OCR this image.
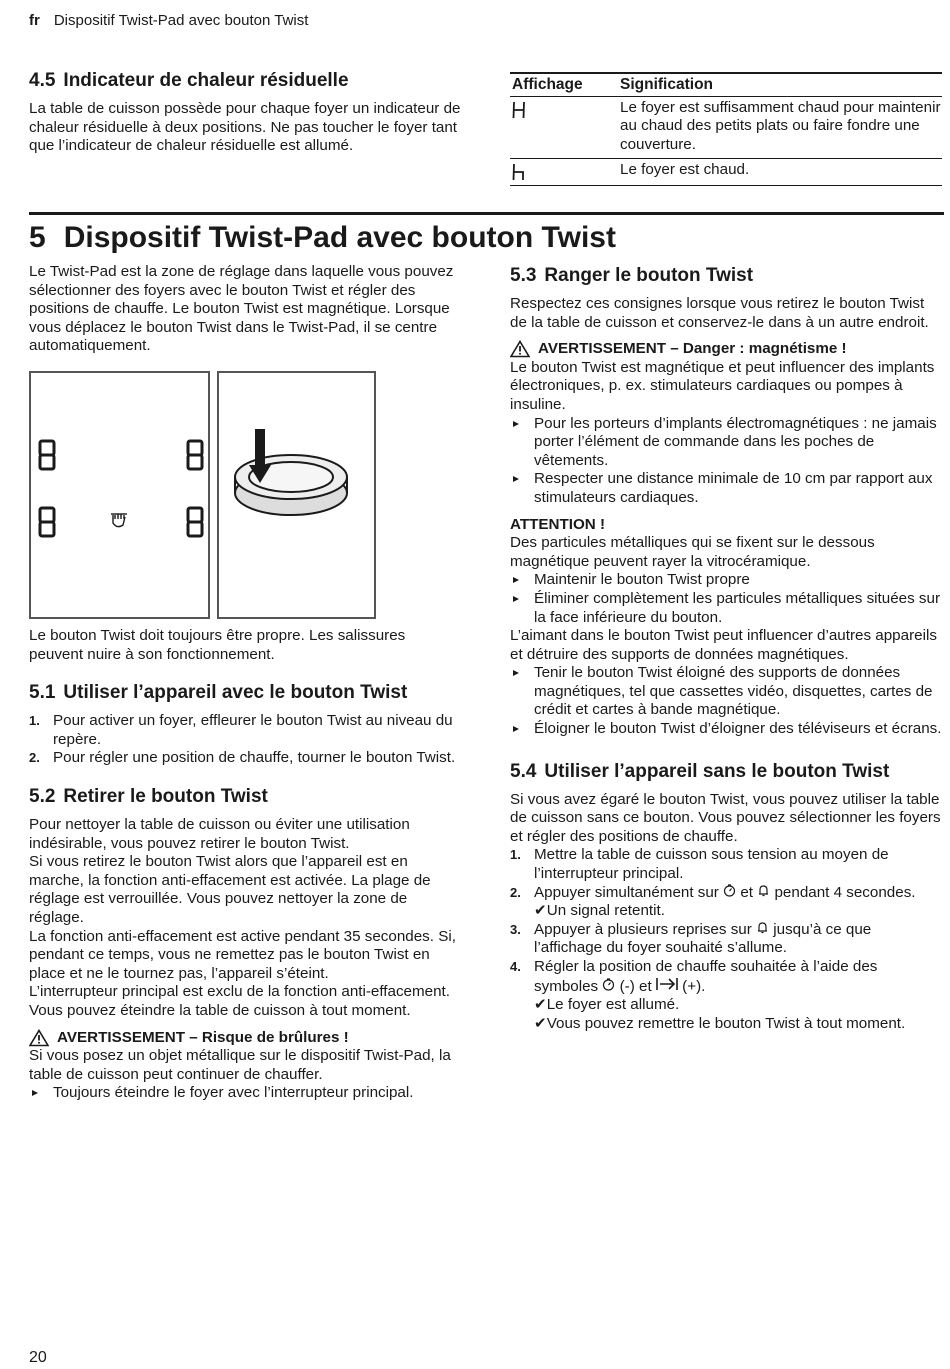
fr Dispositif Twist-Pad avec bouton Twist
4.5 Indicateur de chaleur résiduelle

La table de cuisson possède pour chaque foyer un indicateur de chaleur résiduelle à deux positions. Ne pas toucher le foyer tant que l’indicateur de chaleur résiduelle est allumé.

Affichage	Signification

	Le foyer est suffisamment chaud pour maintenir au chaud des petits plats ou faire fondre une couverture.

	Le foyer est chaud.
5 Dispositif Twist-Pad avec bouton Twist

Le Twist-Pad est la zone de réglage dans laquelle vous pouvez sélectionner des foyers avec le bouton Twist et régler des positions de chauffe. Le bouton Twist est magnétique. Lorsque vous déplacez le bouton Twist dans le Twist-Pad, il se centre automatiquement.

Le bouton Twist doit toujours être propre. Les salissures peuvent nuire à son fonctionnement.

5.1 Utiliser l’appareil avec le bouton Twist
1. Pour activer un foyer, effleurer le bouton Twist au niveau du repère.
2. Pour régler une position de chauffe, tourner le bouton Twist.
5.2 Retirer le bouton Twist

Pour nettoyer la table de cuisson ou éviter une utilisation indésirable, vous pouvez retirer le bouton Twist.

Si vous retirez le bouton Twist alors que l’appareil est en marche, la fonction anti-effacement est activée. La plage de réglage est verrouillée. Vous pouvez nettoyer la zone de réglage.

La fonction anti-effacement est active pendant 35 secondes. Si, pendant ce temps, vous ne remettez pas le bouton Twist en place et ne le tournez pas, l’appareil s’éteint.

L’interrupteur principal est exclu de la fonction anti-effacement. Vous pouvez éteindre la table de cuisson à tout moment.

AVERTISSEMENT – Risque de brûlures !

Si vous posez un objet métallique sur le dispositif Twist-Pad, la table de cuisson peut continuer de chauffer.

Toujours éteindre le foyer avec l’interrupteur principal.
5.3 Ranger le bouton Twist

Respectez ces consignes lorsque vous retirez le bouton Twist de la table de cuisson et conservez-le dans à un autre endroit.

AVERTISSEMENT – Danger : magnétisme !

Le bouton Twist est magnétique et peut influencer des implants électroniques, p. ex. stimulateurs cardiaques ou pompes à insuline.

Pour les porteurs d’implants électromagnétiques : ne jamais porter l’élément de commande dans les poches de vêtements.
Respecter une distance minimale de 10 cm par rapport aux stimulateurs cardiaques.
ATTENTION !

Des particules métalliques qui se fixent sur le dessous magnétique peuvent rayer la vitrocéramique.

Maintenir le bouton Twist propre
Éliminer complètement les particules métalliques situées sur la face inférieure du bouton.

L’aimant dans le bouton Twist peut influencer d’autres appareils et détruire des supports de données magnétiques.

Tenir le bouton Twist éloigné des supports de données magnétiques, tel que cassettes vidéo, disquettes, cartes de crédit et cartes à bande magnétique.
Éloigner le bouton Twist d’éloigner des téléviseurs et écrans.
5.4 Utiliser l’appareil sans le bouton Twist

Si vous avez égaré le bouton Twist, vous pouvez utiliser la table de cuisson sans ce bouton. Vous pouvez sélectionner les foyers et régler des positions de chauffe.

1. Mettre la table de cuisson sous tension au moyen de l’interrupteur principal.
2. Appuyer simultanément sur et pendant 4 secondes.
✔Un signal retentit.
3. Appuyer à plusieurs reprises sur jusqu’à ce que l’affichage du foyer souhaité s’allume.
4. Régler la position de chauffe souhaitée à l’aide des symboles (-) et (+).
✔Le foyer est allumé.
✔Vous pouvez remettre le bouton Twist à tout moment.
20
